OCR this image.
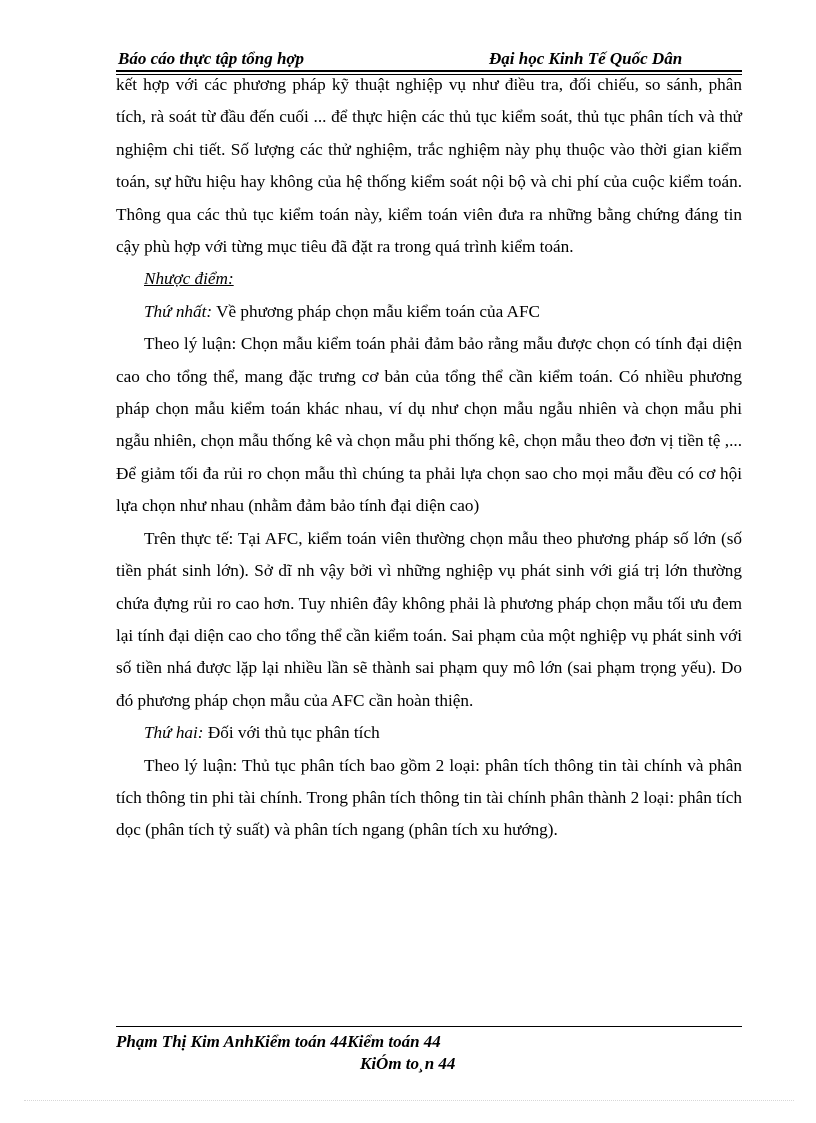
Báo cáo thực tập tổng hợp	Đại học Kinh Tế Quốc Dân

kết hợp với các phương pháp kỹ thuật nghiệp vụ như điều tra, đối chiếu, so sánh, phân tích, rà soát từ đầu đến cuối ... để thực hiện các thủ tục kiểm soát, thủ tục phân tích và thử nghiệm chi tiết. Số lượng các thử nghiệm, trắc nghiệm này phụ thuộc vào thời gian kiểm toán, sự hữu hiệu hay không của hệ thống kiểm soát nội bộ và chi phí của cuộc kiểm toán. Thông qua các thủ tục kiểm toán này, kiểm toán viên đưa ra những bằng chứng đáng tin cậy phù hợp với từng mục tiêu đã đặt ra trong quá trình kiểm toán.

Nhược điểm:

Thứ nhất: Về phương pháp chọn mẫu kiểm toán của AFC

Theo lý luận: Chọn mẫu kiểm toán phải đảm bảo rằng mẫu được chọn có tính đại diện cao cho tổng thể, mang đặc trưng cơ bản của tổng thể cần kiểm toán. Có nhiều phương pháp chọn mẫu kiểm toán khác nhau, ví dụ như chọn mẫu ngẫu nhiên và chọn mẫu phi ngẫu nhiên, chọn mẫu thống kê và chọn mẫu phi thống kê, chọn mẫu theo đơn vị tiền tệ ,... Để giảm tối đa rủi ro chọn mẫu thì chúng ta phải lựa chọn sao cho mọi mẫu đều có cơ hội lựa chọn như nhau (nhằm đảm bảo tính đại diện cao)

Trên thực tế: Tại AFC, kiểm toán viên thường chọn mẫu theo phương pháp số lớn (số tiền phát sinh lớn). Sở dĩ nh vậy bởi vì những nghiệp vụ phát sinh với giá trị lớn thường chứa đựng rủi ro cao hơn. Tuy nhiên đây không phải là phương pháp chọn mẫu tối ưu đem lại tính đại diện cao cho tổng thể cần kiểm toán. Sai phạm của một nghiệp vụ phát sinh với số tiền nhá được lặp lại nhiều lần sẽ thành sai phạm quy mô lớn (sai phạm trọng yếu). Do đó phương pháp chọn mẫu của AFC cần hoàn thiện.

Thứ hai: Đối với thủ tục phân tích

Theo lý luận: Thủ tục phân tích bao gồm 2 loại: phân tích thông tin tài chính và phân tích thông tin phi tài chính. Trong phân tích thông tin tài chính phân thành 2 loại: phân tích dọc (phân tích tỷ suất) và phân tích ngang (phân tích xu hướng).

Phạm Thị Kim AnhKiểm toán 44Kiểm toán 44
KiÓm to¸n 44
